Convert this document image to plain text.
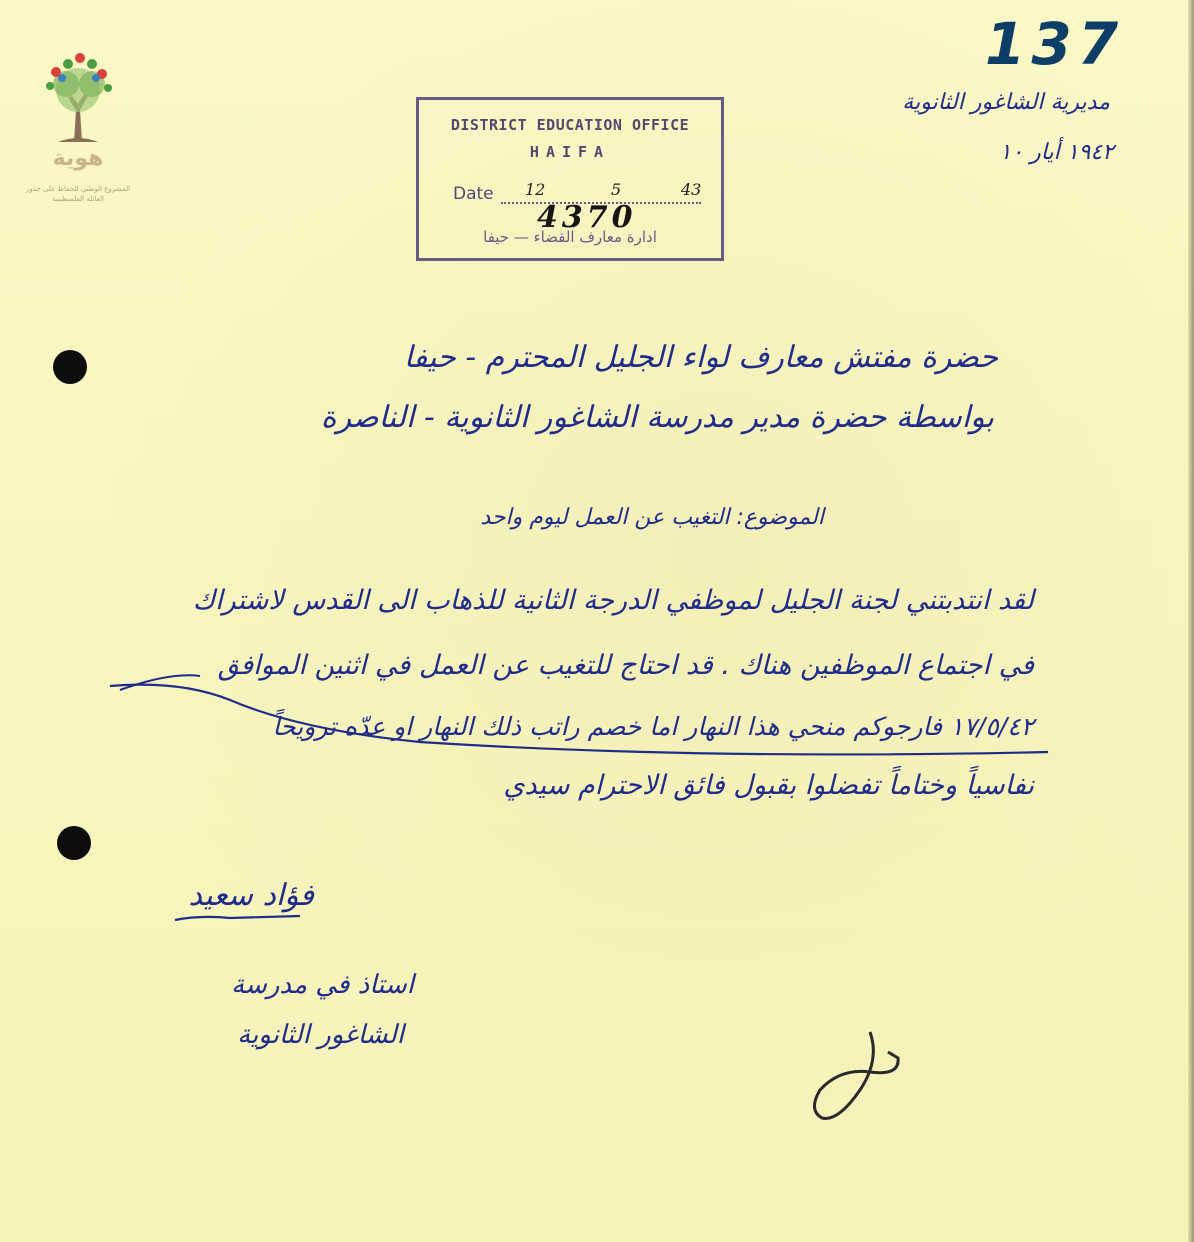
هوية
المشروع الوطني للحفاظ على جذور العائلة الفلسطينية
137
مديرية الشاغور الثانوية
١٩٤٢ أيار ١٠
DISTRICT EDUCATION OFFICE
HAIFA
Date 12	5	43
4370
ادارة معارف القضاء — حيفا
حضرة مفتش معارف لواء الجليل المحترم - حيفا
بواسطة حضرة مدير مدرسة الشاغور الثانوية - الناصرة
الموضوع: التغيب عن العمل ليوم واحد
لقد انتدبتني لجنة الجليل لموظفي الدرجة الثانية للذهاب الى القدس لاشتراك
في اجتماع الموظفين هناك . قد احتاج للتغيب عن العمل في اثنين الموافق
١٧/٥/٤٢ فارجوكم منحي هذا النهار اما خصم راتب ذلك النهار او عدّه ترويحاً
نفاسياً وختاماً تفضلوا بقبول فائق الاحترام سيدي
فؤاد سعيد
استاذ في مدرسة
الشاغور الثانوية
